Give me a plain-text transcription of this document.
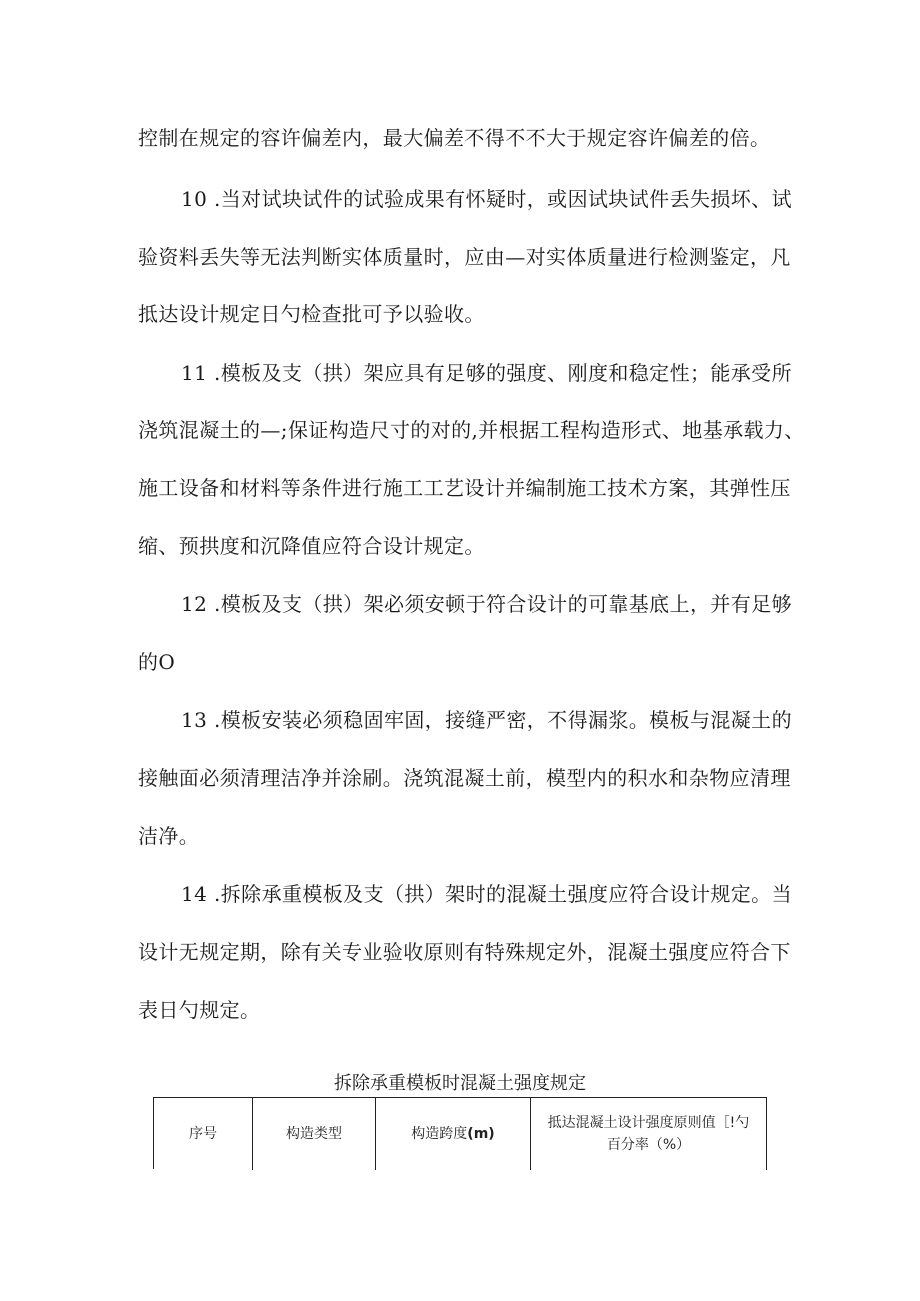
控制在规定的容许偏差内，最大偏差不得不不大于规定容许偏差的倍。
10 .当对试块试件的试验成果有怀疑时，或因试块试件丢失损坏、试
验资料丢失等无法判断实体质量时，应由—对实体质量进行检测鉴定，凡
抵达设计规定日勺检查批可予以验收。
11 .模板及支（拱）架应具有足够的强度、刚度和稳定性；能承受所
浇筑混凝土的—;保证构造尺寸的对的,并根据工程构造形式、地基承载力、
施工设备和材料等条件进行施工工艺设计并编制施工技术方案，其弹性压
缩、预拱度和沉降值应符合设计规定。
12 .模板及支（拱）架必须安顿于符合设计的可靠基底上，并有足够
的O
13 .模板安装必须稳固牢固，接缝严密，不得漏浆。模板与混凝土的
接触面必须清理洁净并涂刷。浇筑混凝土前，模型内的积水和杂物应清理
洁净。
14 .拆除承重模板及支（拱）架时的混凝土强度应符合设计规定。当
设计无规定期，除有关专业验收原则有特殊规定外，混凝土强度应符合下
表日勺规定。
拆除承重模板时混凝土强度规定
序号	构造类型	构造跨度 (m)
抵达混凝土设计强度原则值［!勺
百分率（%）
